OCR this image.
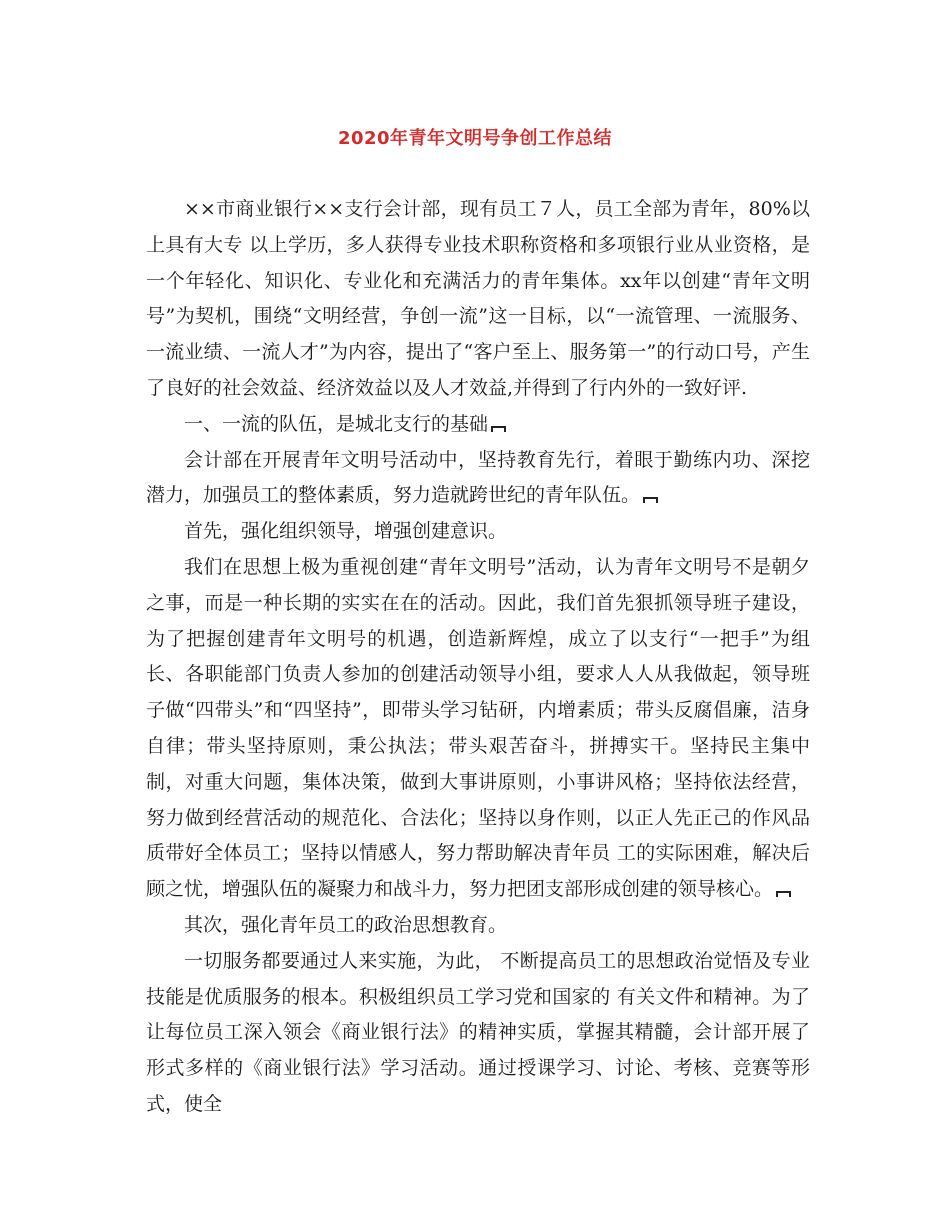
2020年青年文明号争创工作总结

××市商业银行××支行会计部，现有员工７人，员工全部为青年，80%以上具有大专 以上学历，多人获得专业技术职称资格和多项银行业从业资格，是一个年轻化、知识化、专业化和充满活力的青年集体。xx年以创建“青年文明号”为契机，围绕“文明经营，争创一流”这一目标，以“一流管理、一流服务、一流业绩、一流人才”为内容，提出了“客户至上、服务第一”的行动口号，产生了良好的社会效益、经济效益以及人才效益,并得到了行内外的一致好评.

一、一流的队伍，是城北支行的基础

会计部在开展青年文明号活动中，坚持教育先行，着眼于勤练内功、深挖潜力，加强员工的整体素质，努力造就跨世纪的青年队伍。

首先，强化组织领导，增强创建意识。

我们在思想上极为重视创建“青年文明号”活动，认为青年文明号不是朝夕之事，而是一种长期的实实在在的活动。因此，我们首先狠抓领导班子建设，为了把握创建青年文明号的机遇，创造新辉煌，成立了以支行“一把手”为组长、各职能部门负责人参加的创建活动领导小组，要求人人从我做起，领导班子做“四带头”和“四坚持”，即带头学习钻研，内增素质；带头反腐倡廉，洁身自律；带头坚持原则，秉公执法；带头艰苦奋斗，拼搏实干。坚持民主集中制，对重大问题，集体决策，做到大事讲原则，小事讲风格；坚持依法经营，努力做到经营活动的规范化、合法化；坚持以身作则，以正人先正己的作风品质带好全体员工；坚持以情感人，努力帮助解决青年员 工的实际困难，解决后顾之忧，增强队伍的凝聚力和战斗力，努力把团支部形成创建的领导核心。

其次，强化青年员工的政治思想教育。

一切服务都要通过人来实施，为此， 不断提高员工的思想政治觉悟及专业技能是优质服务的根本。积极组织员工学习党和国家的 有关文件和精神。为了让每位员工深入领会《商业银行法》的精神实质，掌握其精髓，会计部开展了形式多样的《商业银行法》学习活动。通过授课学习、讨论、考核、竞赛等形式，使全
